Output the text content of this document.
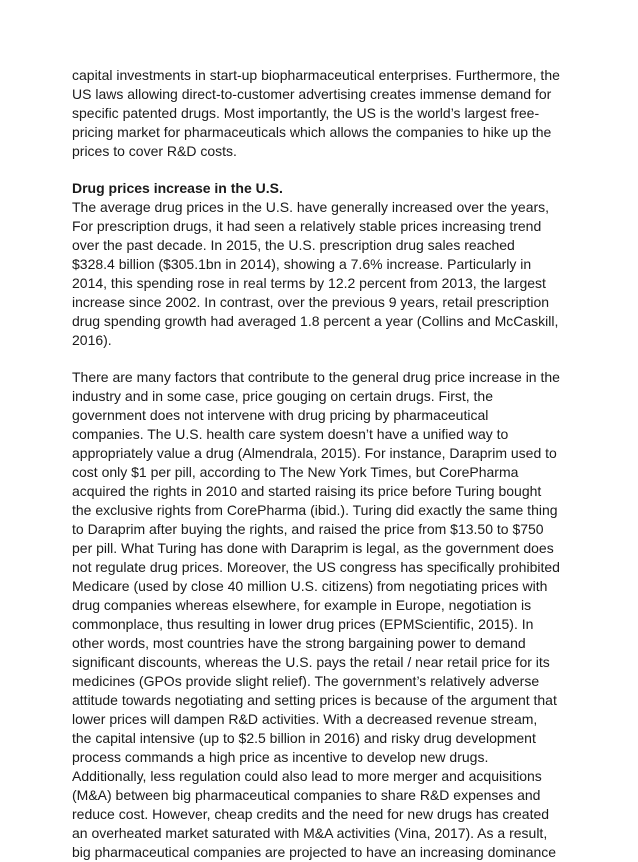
capital investments in start-up biopharmaceutical enterprises. Furthermore, the
US laws allowing direct-to-customer advertising creates immense demand for
specific patented drugs. Most importantly, the US is the world’s largest free-
pricing market for pharmaceuticals which allows the companies to hike up the
prices to cover R&D costs.

Drug prices increase in the U.S.

The average drug prices in the U.S. have generally increased over the years,
For prescription drugs, it had seen a relatively stable prices increasing trend
over the past decade. In 2015, the U.S. prescription drug sales reached
$328.4 billion ($305.1bn in 2014), showing a 7.6% increase. Particularly in
2014, this spending rose in real terms by 12.2 percent from 2013, the largest
increase since 2002. In contrast, over the previous 9 years, retail prescription
drug spending growth had averaged 1.8 percent a year (Collins and McCaskill,
2016).

There are many factors that contribute to the general drug price increase in the
industry and in some case, price gouging on certain drugs. First, the
government does not intervene with drug pricing by pharmaceutical
companies. The U.S. health care system doesn’t have a unified way to
appropriately value a drug (Almendrala, 2015). For instance, Daraprim used to
cost only $1 per pill, according to The New York Times, but CorePharma
acquired the rights in 2010 and started raising its price before Turing bought
the exclusive rights from CorePharma (ibid.). Turing did exactly the same thing
to Daraprim after buying the rights, and raised the price from $13.50 to $750
per pill. What Turing has done with Daraprim is legal, as the government does
not regulate drug prices. Moreover, the US congress has specifically prohibited
Medicare (used by close 40 million U.S. citizens) from negotiating prices with
drug companies whereas elsewhere, for example in Europe, negotiation is
commonplace, thus resulting in lower drug prices (EPMScientific, 2015). In
other words, most countries have the strong bargaining power to demand
significant discounts, whereas the U.S. pays the retail / near retail price for its
medicines (GPOs provide slight relief). The government’s relatively adverse
attitude towards negotiating and setting prices is because of the argument that
lower prices will dampen R&D activities. With a decreased revenue stream,
the capital intensive (up to $2.5 billion in 2016) and risky drug development
process commands a high price as incentive to develop new drugs.
Additionally, less regulation could also lead to more merger and acquisitions
(M&A) between big pharmaceutical companies to share R&D expenses and
reduce cost. However, cheap credits and the need for new drugs has created
an overheated market saturated with M&A activities (Vina, 2017). As a result,
big pharmaceutical companies are projected to have an increasing dominance
